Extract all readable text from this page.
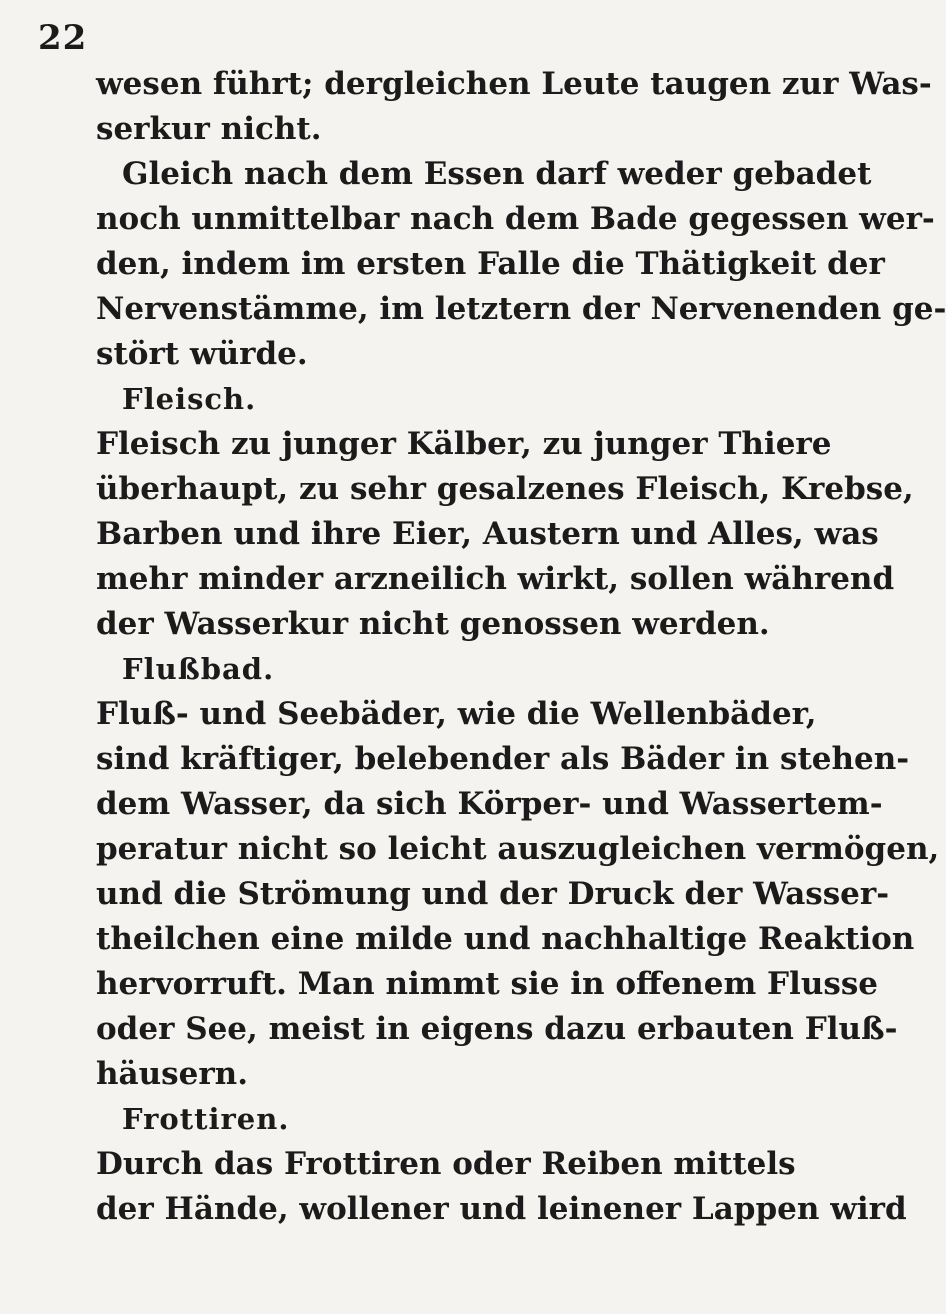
22
wesen führt; dergleichen Leute taugen zur Was-
serkur nicht.
Gleich nach dem Essen darf weder gebadet
noch unmittelbar nach dem Bade gegessen wer-
den, indem im ersten Falle die Thätigkeit der
Nervenstämme, im letztern der Nervenenden ge-
stört würde.
Fleisch.
Fleisch zu junger Kälber, zu junger Thiere
überhaupt, zu sehr gesalzenes Fleisch, Krebse,
Barben und ihre Eier, Austern und Alles, was
mehr minder arzneilich wirkt, sollen während
der Wasserkur nicht genossen werden.
Flußbad.
Fluß- und Seebäder, wie die Wellenbäder,
sind kräftiger, belebender als Bäder in stehen-
dem Wasser, da sich Körper- und Wassertem-
peratur nicht so leicht auszugleichen vermögen,
und die Strömung und der Druck der Wasser-
theilchen eine milde und nachhaltige Reaktion
hervorruft. Man nimmt sie in offenem Flusse
oder See, meist in eigens dazu erbauten Fluß-
häusern.
Frottiren.
Durch das Frottiren oder Reiben mittels
der Hände, wollener und leinener Lappen wird
